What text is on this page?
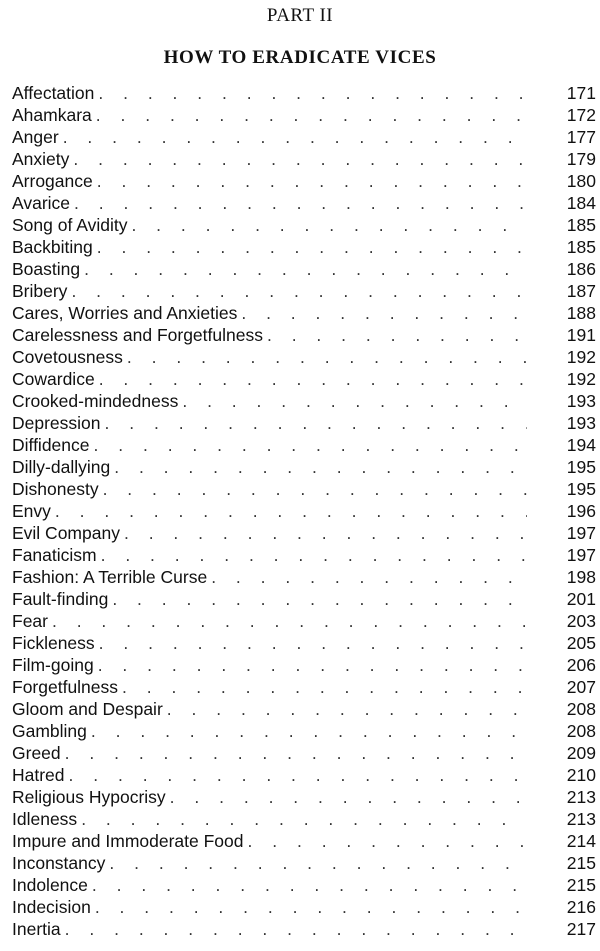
PART II
HOW TO ERADICATE VICES
Affectation . . .	171
Ahamkara . . .	172
Anger . . .	177
Anxiety . . .	179
Arrogance . . .	180
Avarice . . .	184
Song of Avidity . . .	185
Backbiting . . .	185
Boasting . . .	186
Bribery . . .	187
Cares, Worries and Anxieties . . .	188
Carelessness and Forgetfulness . . .	191
Covetousness . . .	192
Cowardice . . .	192
Crooked-mindedness . . .	193
Depression . . .	193
Diffidence . . .	194
Dilly-dallying . . .	195
Dishonesty . . .	195
Envy . . .	196
Evil Company . . .	197
Fanaticism . . .	197
Fashion: A Terrible Curse . . .	198
Fault-finding . . .	201
Fear . . .	203
Fickleness . . .	205
Film-going . . .	206
Forgetfulness . . .	207
Gloom and Despair . . .	208
Gambling . . .	208
Greed . . .	209
Hatred . . .	210
Religious Hypocrisy . . .	213
Idleness . . .	213
Impure and Immoderate Food . . .	214
Inconstancy . . .	215
Indolence . . .	215
Indecision . . .	216
Inertia . . .	217
